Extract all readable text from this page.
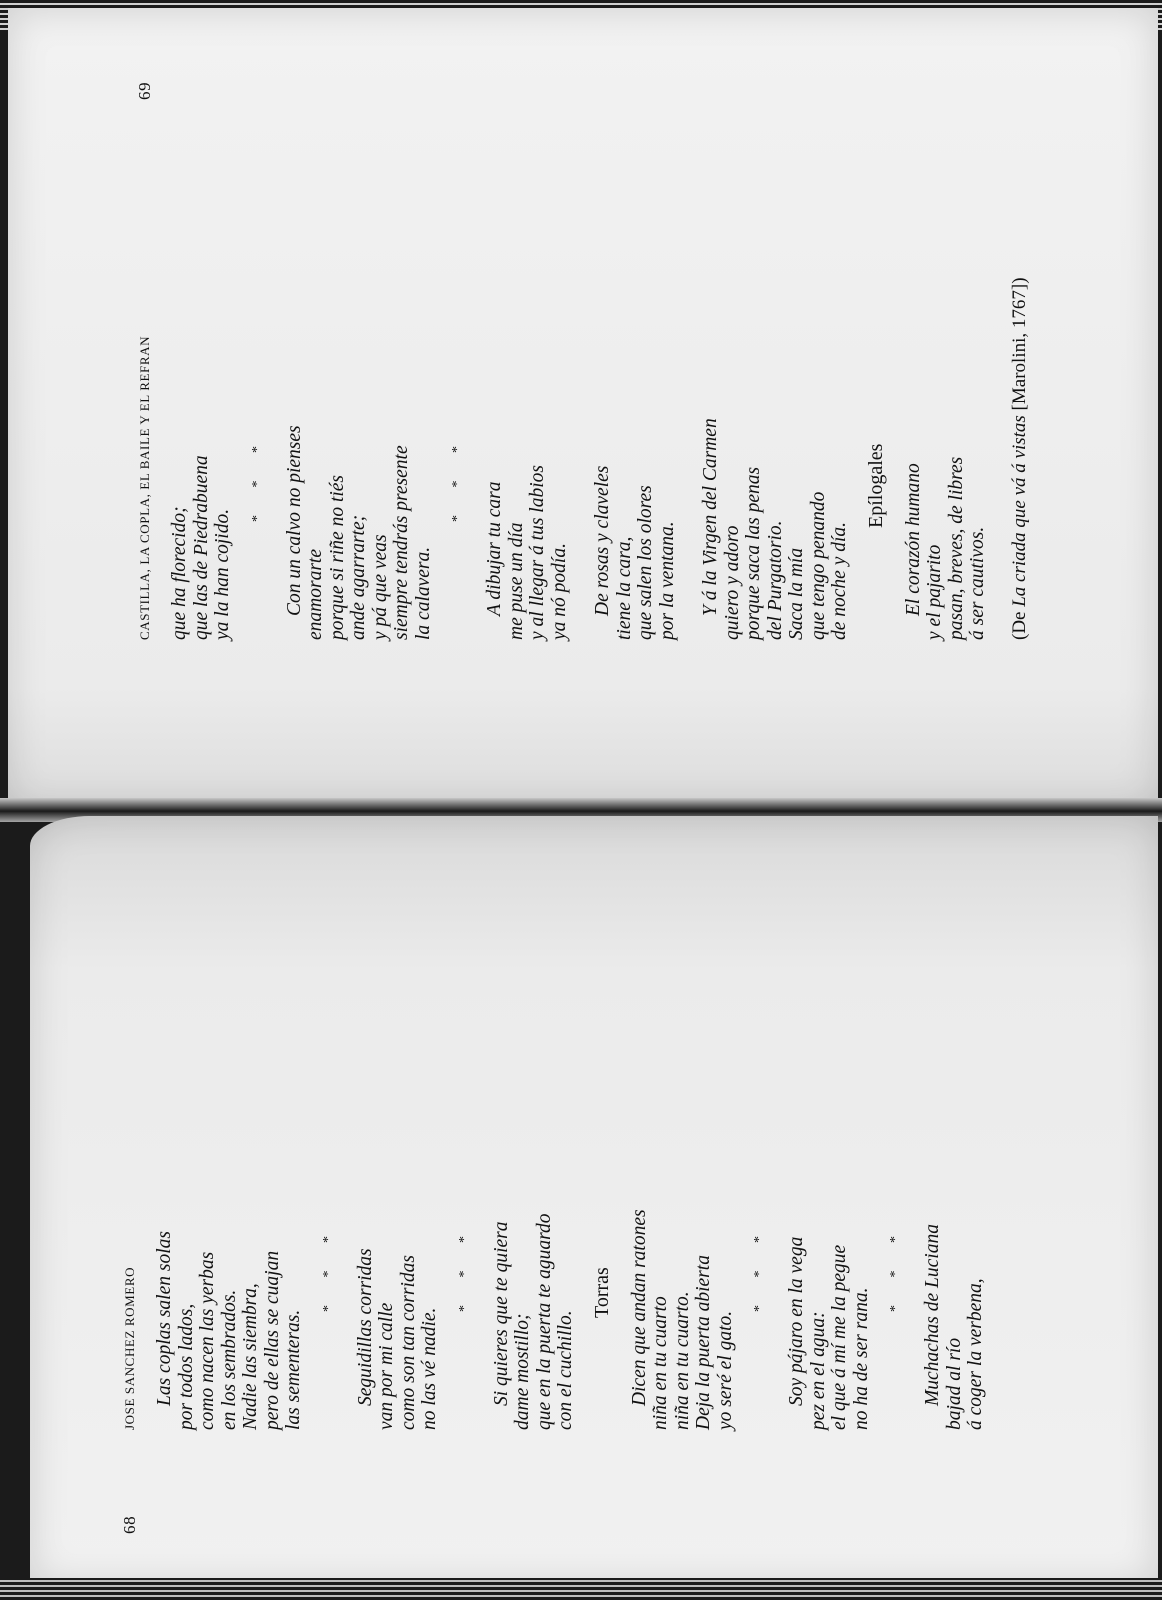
CASTILLA, LA COPLA, EL BAILE Y EL REFRAN
69

que ha florecido; que las de Piedrabuena ya la han cojido.

* * * Con un calvo no pienses enamorarte porque si riñe no tiés ande agarrarte; y pá que veas siempre tendrás presente la calavera.

* * *

A dibujar tu cara me puse un día y al llegar á tus labios ya nó podía. De rosas y claveles tiene la cara, que salen los olores por la ventana. Y á la Virgen del Carmen quiero y adoro porque saca las penas del Purgatorio. Saca la mía que tengo penando de noche y día.

Epílogales El corazón humano y el pajarito pasan, breves, de libres á ser cautivos. (De La criada que vá á vistas [Marolini, 1767])
68
JOSE SANCHEZ ROMERO Las coplas salen solas por todos lados, como nacen las yerbas en los sembrados. Nadie las siembra, pero de ellas se cuajan las sementeras.

* * * Seguidillas corridas van por mi calle como son tan corridas no las vé nadie.

* * * Si quieres que te quiera dame mostillo; que en la puerta te aguardo con el cuchillo.

Torras Dicen que andan ratones niña en tu cuarto niña en tu cuarto. Deja la puerta abierta yo seré el gato.

* * * Soy pájaro en la vega pez en el agua: el que á mí me la pegue no ha de ser rana.

* * * Muchachas de Luciana bajad al río á coger la verbena,
